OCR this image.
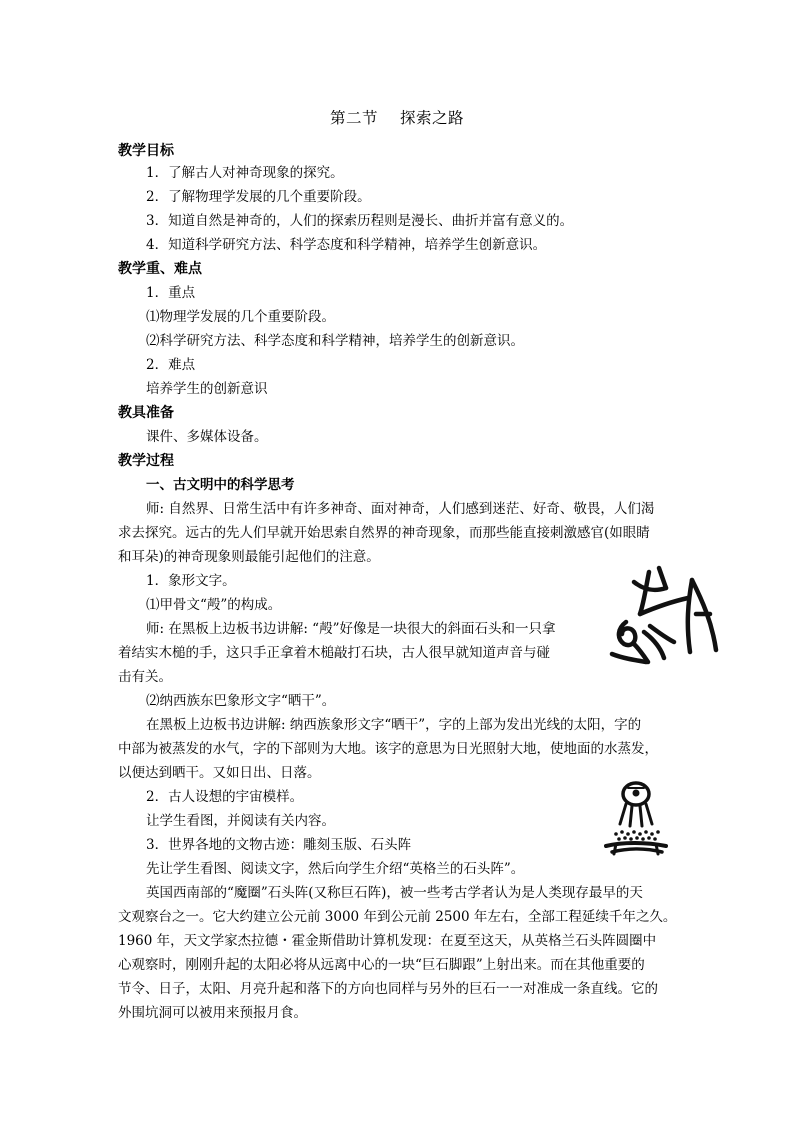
第二节 探索之路
教学目标
1．了解古人对神奇现象的探究。
2．了解物理学发展的几个重要阶段。
3．知道自然是神奇的，人们的探索历程则是漫长、曲折并富有意义的。
4．知道科学研究方法、科学态度和科学精神，培养学生创新意识。
教学重、难点
1．重点
⑴物理学发展的几个重要阶段。
⑵科学研究方法、科学态度和科学精神，培养学生的创新意识。
2．难点
培养学生的创新意识
教具准备
课件、多媒体设备。
教学过程
一、古文明中的科学思考
师: 自然界、日常生活中有许多神奇、面对神奇，人们感到迷茫、好奇、敬畏，人们渴
求去探究。远古的先人们早就开始思索自然界的神奇现象，而那些能直接刺激感官(如眼睛
和耳朵)的神奇现象则最能引起他们的注意。
1．象形文字。
⑴甲骨文“殸”的构成。
师: 在黑板上边板书边讲解: “殸”好像是一块很大的斜面石头和一只拿
着结实木槌的手，这只手正拿着木槌敲打石块，古人很早就知道声音与碰
击有关。
⑵纳西族东巴象形文字“晒干”。
在黑板上边板书边讲解: 纳西族象形文字“晒干”，字的上部为发出光线的太阳，字的
中部为被蒸发的水气，字的下部则为大地。该字的意思为日光照射大地，使地面的水蒸发，
以便达到晒干。又如日出、日落。
2．古人设想的宇宙模样。
让学生看图，并阅读有关内容。
3．世界各地的文物古迹：雕刻玉版、石头阵
先让学生看图、阅读文字，然后向学生介绍“英格兰的石头阵”。
英国西南部的“魔圈”石头阵(又称巨石阵)，被一些考古学者认为是人类现存最早的天
文观察台之一。它大约建立公元前 3000 年到公元前 2500 年左右，全部工程延续千年之久。
1960 年，天文学家杰拉德・霍金斯借助计算机发现：在夏至这天，从英格兰石头阵圆圈中
心观察时，刚刚升起的太阳必将从远离中心的一块“巨石脚跟”上射出来。而在其他重要的
节令、日子，太阳、月亮升起和落下的方向也同样与另外的巨石一一对准成一条直线。它的
外围坑洞可以被用来预报月食。
